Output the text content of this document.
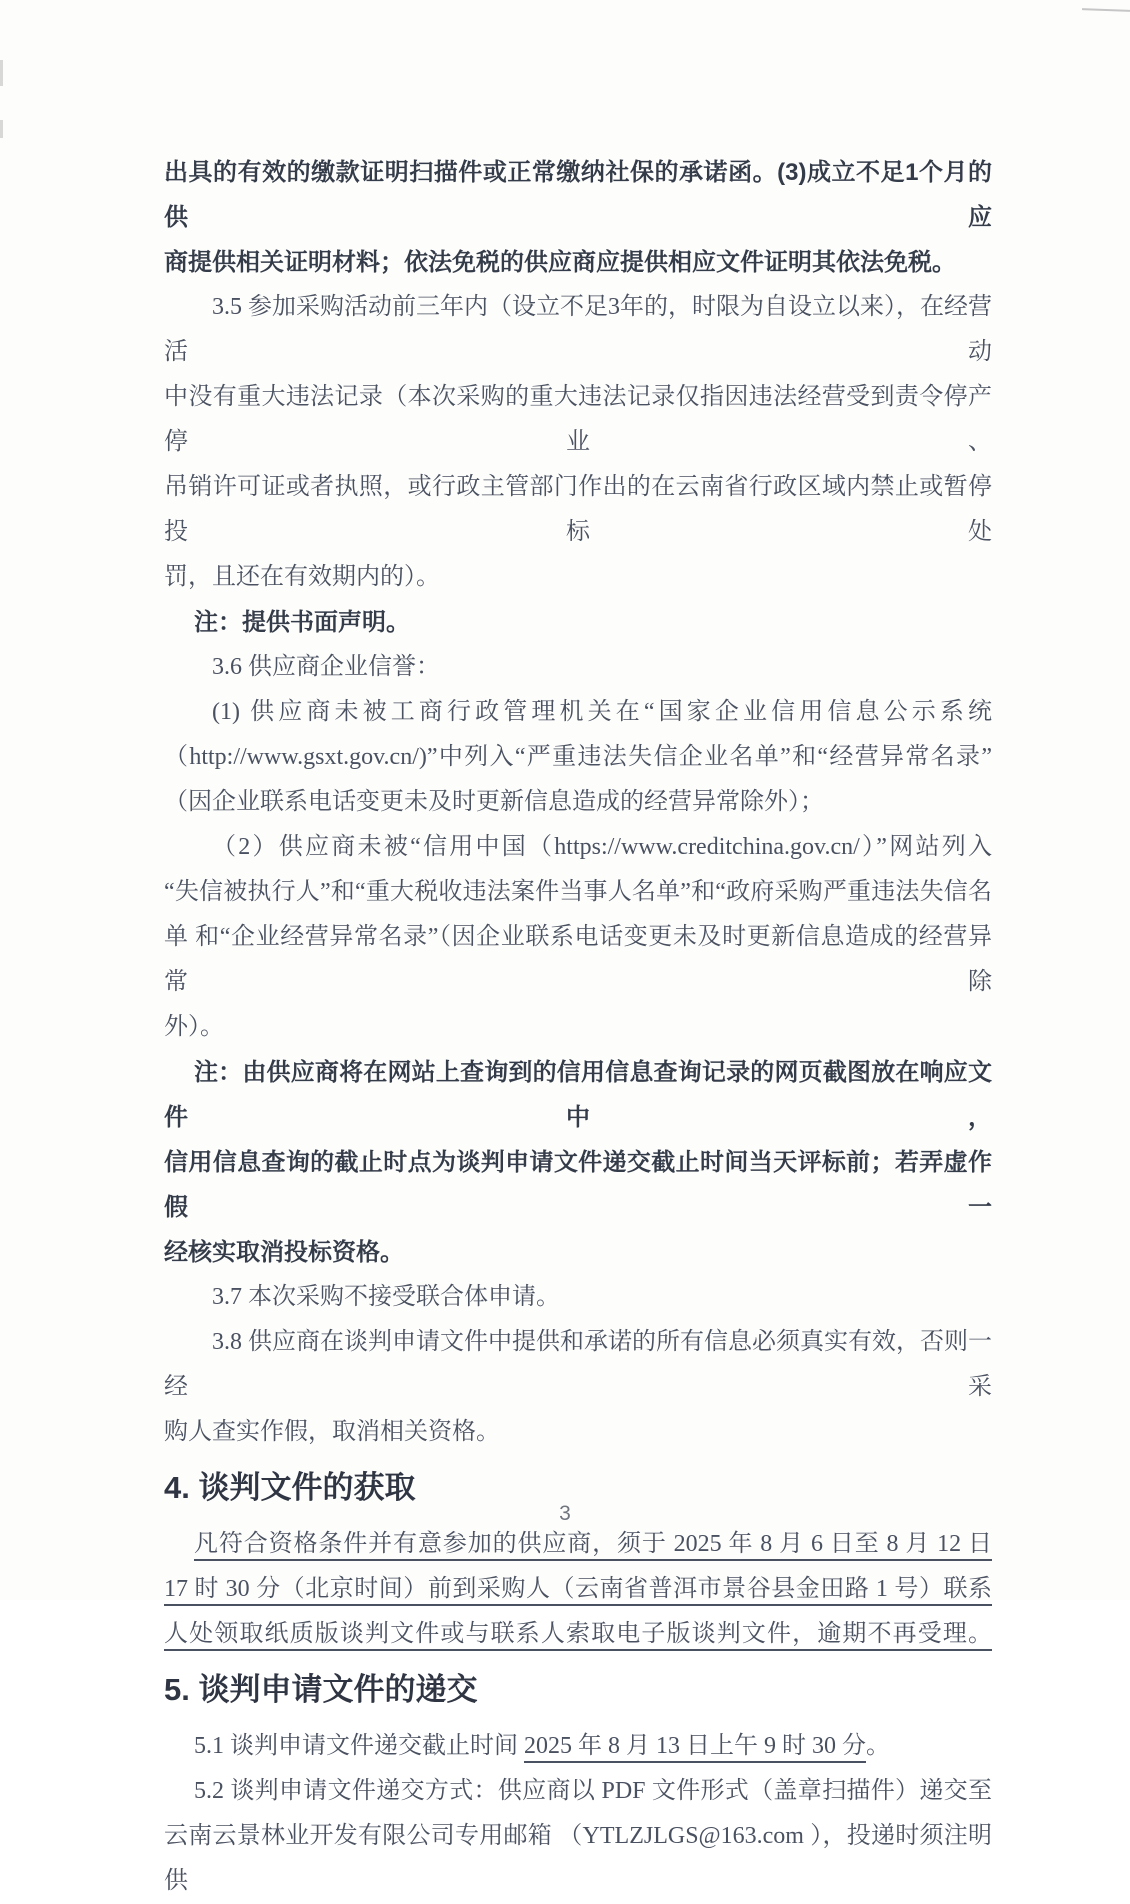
出具的有效的缴款证明扫描件或正常缴纳社保的承诺函。(3)成立不足1个月的供应
商提供相关证明材料；依法免税的供应商应提供相应文件证明其依法免税。
3.5 参加采购活动前三年内（设立不足3年的，时限为自设立以来），在经营活动
中没有重大违法记录（本次采购的重大违法记录仅指因违法经营受到责令停产停业、
吊销许可证或者执照，或行政主管部门作出的在云南省行政区域内禁止或暂停投标处
罚，且还在有效期内的）。
注：提供书面声明。
3.6 供应商企业信誉：
(1) 供应商未被工商行政管理机关在“国家企业信用信息公示系统
（http://www.gsxt.gov.cn/)”中列入“严重违法失信企业名单”和“经营异常名录”
（因企业联系电话变更未及时更新信息造成的经营异常除外）；
（2）供应商未被“信用中国（https://www.creditchina.gov.cn/）”网站列入
“失信被执行人”和“重大税收违法案件当事人名单”和“政府采购严重违法失信名
单 和“企业经营异常名录”（因企业联系电话变更未及时更新信息造成的经营异常除
外）。
注：由供应商将在网站上查询到的信用信息查询记录的网页截图放在响应文件中，
信用信息查询的截止时点为谈判申请文件递交截止时间当天评标前；若弄虚作假一
经核实取消投标资格。
3.7 本次采购不接受联合体申请。
3.8 供应商在谈判申请文件中提供和承诺的所有信息必须真实有效，否则一经采
购人查实作假，取消相关资格。
4. 谈判文件的获取
凡符合资格条件并有意参加的供应商，须于 2025 年 8 月 6 日至 8 月 12 日
17 时 30 分（北京时间）前到采购人（云南省普洱市景谷县金田路 1 号）联系
人处领取纸质版谈判文件或与联系人索取电子版谈判文件，逾期不再受理。
5. 谈判申请文件的递交
5.1 谈判申请文件递交截止时间 2025 年 8 月 13 日上午 9 时 30 分。
5.2 谈判申请文件递交方式：供应商以 PDF 文件形式（盖章扫描件）递交至
云南云景林业开发有限公司专用邮箱 （YTLZJLGS@163.com ），投递时须注明供
3
